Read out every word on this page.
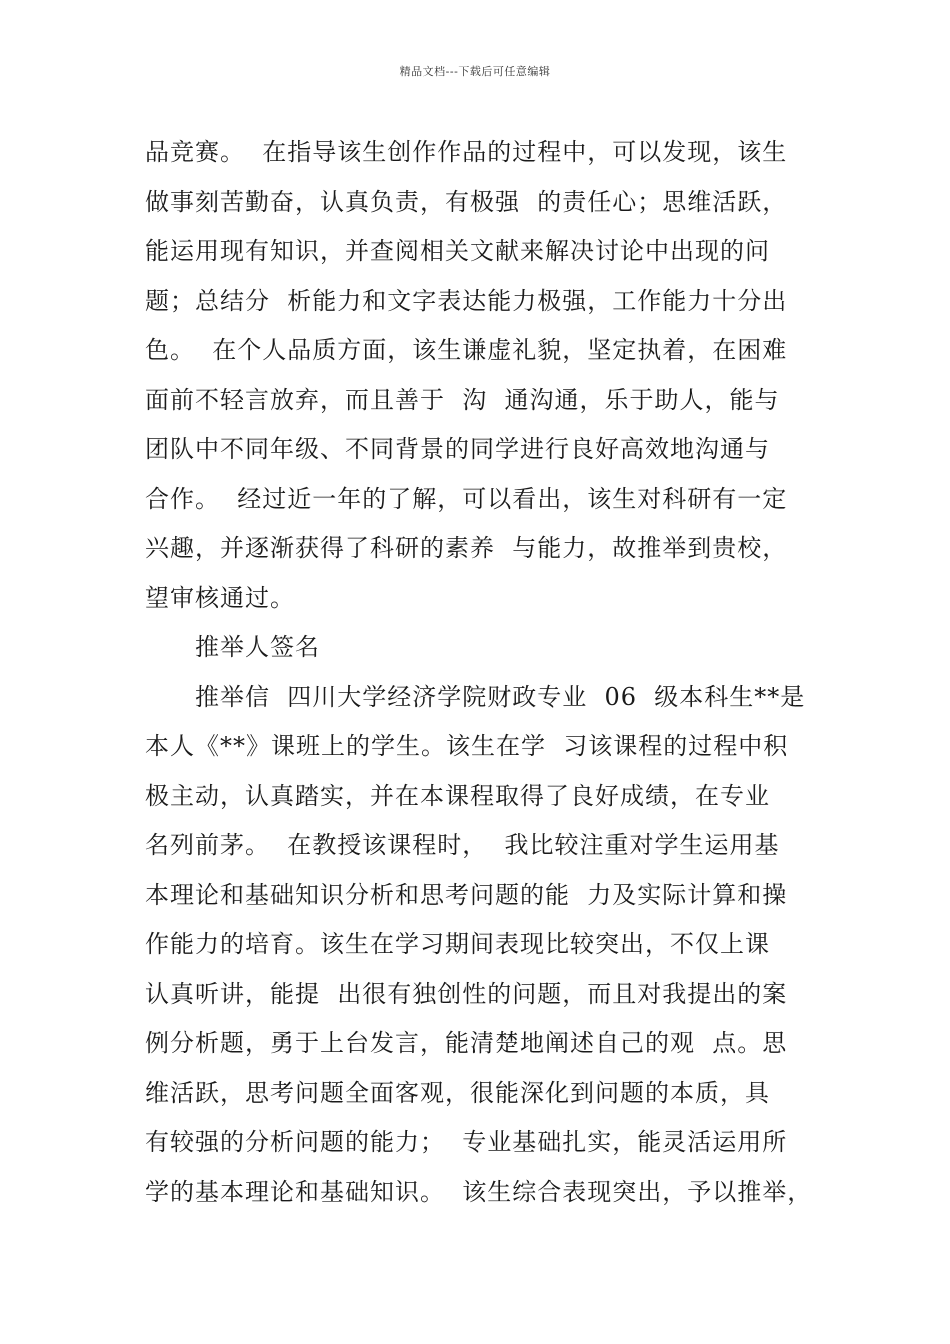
精品文档---下载后可任意编辑
品竞赛。  在指导该生创作作品的过程中，可以发现，该生
做事刻苦勤奋，认真负责，有极强  的责任心；思维活跃，
能运用现有知识，并查阅相关文献来解决讨论中出现的问
题；总结分  析能力和文字表达能力极强，工作能力十分出
色。  在个人品质方面，该生谦虚礼貌，坚定执着，在困难
面前不轻言放弃，而且善于  沟  通沟通，乐于助人，能与
团队中不同年级、不同背景的同学进行良好高效地沟通与
合作。  经过近一年的了解，可以看出，该生对科研有一定
兴趣，并逐渐获得了科研的素养  与能力，故推举到贵校，
望审核通过。
推举人签名
推举信  四川大学经济学院财政专业  06  级本科生**是
本人《**》课班上的学生。该生在学  习该课程的过程中积
极主动，认真踏实，并在本课程取得了良好成绩，在专业
名列前茅。  在教授该课程时，  我比较注重对学生运用基
本理论和基础知识分析和思考问题的能  力及实际计算和操
作能力的培育。该生在学习期间表现比较突出，不仅上课
认真听讲，能提  出很有独创性的问题，而且对我提出的案
例分析题，勇于上台发言，能清楚地阐述自己的观  点。思
维活跃，思考问题全面客观，很能深化到问题的本质，具
有较强的分析问题的能力；  专业基础扎实，能灵活运用所
学的基本理论和基础知识。  该生综合表现突出，予以推举，
